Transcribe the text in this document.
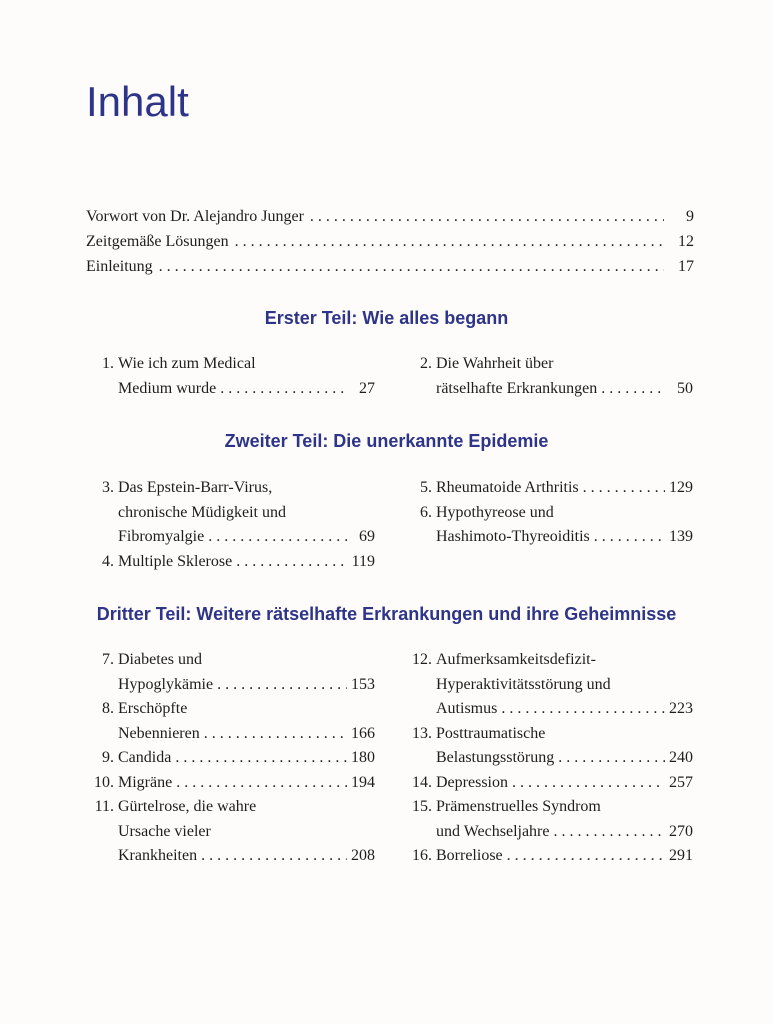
Inhalt
Vorwort von Dr. Alejandro Junger . . .	9
Zeitgemäße Lösungen . . .	12
Einleitung . . .	17
Erster Teil: Wie alles begann
1. Wie ich zum Medical
Medium wurde . . .	27
2. Die Wahrheit über
rätselhafte Erkrankungen . . .	50
Zweiter Teil: Die unerkannte Epidemie
3. Das Epstein-Barr-Virus,
chronische Müdigkeit und
Fibromyalgie . . .	69
4. Multiple Sklerose . . .	119
5. Rheumatoide Arthritis . . .	129
6. Hypothyreose und
Hashimoto-Thyreoiditis . . .	139
Dritter Teil: Weitere rätselhafte Erkrankungen und ihre Geheimnisse
7. Diabetes und
Hypoglykämie . . .	153
8. Erschöpfte
Nebennieren . . .	166
9. Candida . . .	180
10. Migräne . . .	194
11. Gürtelrose, die wahre
Ursache vieler
Krankheiten . . .	208
12. Aufmerksamkeitsdefizit-
Hyperaktivitätsstörung und
Autismus . . .	223
13. Posttraumatische
Belastungsstörung . . .	240
14. Depression . . .	257
15. Prämenstruelles Syndrom
und Wechseljahre . . .	270
16. Borreliose . . .	291
